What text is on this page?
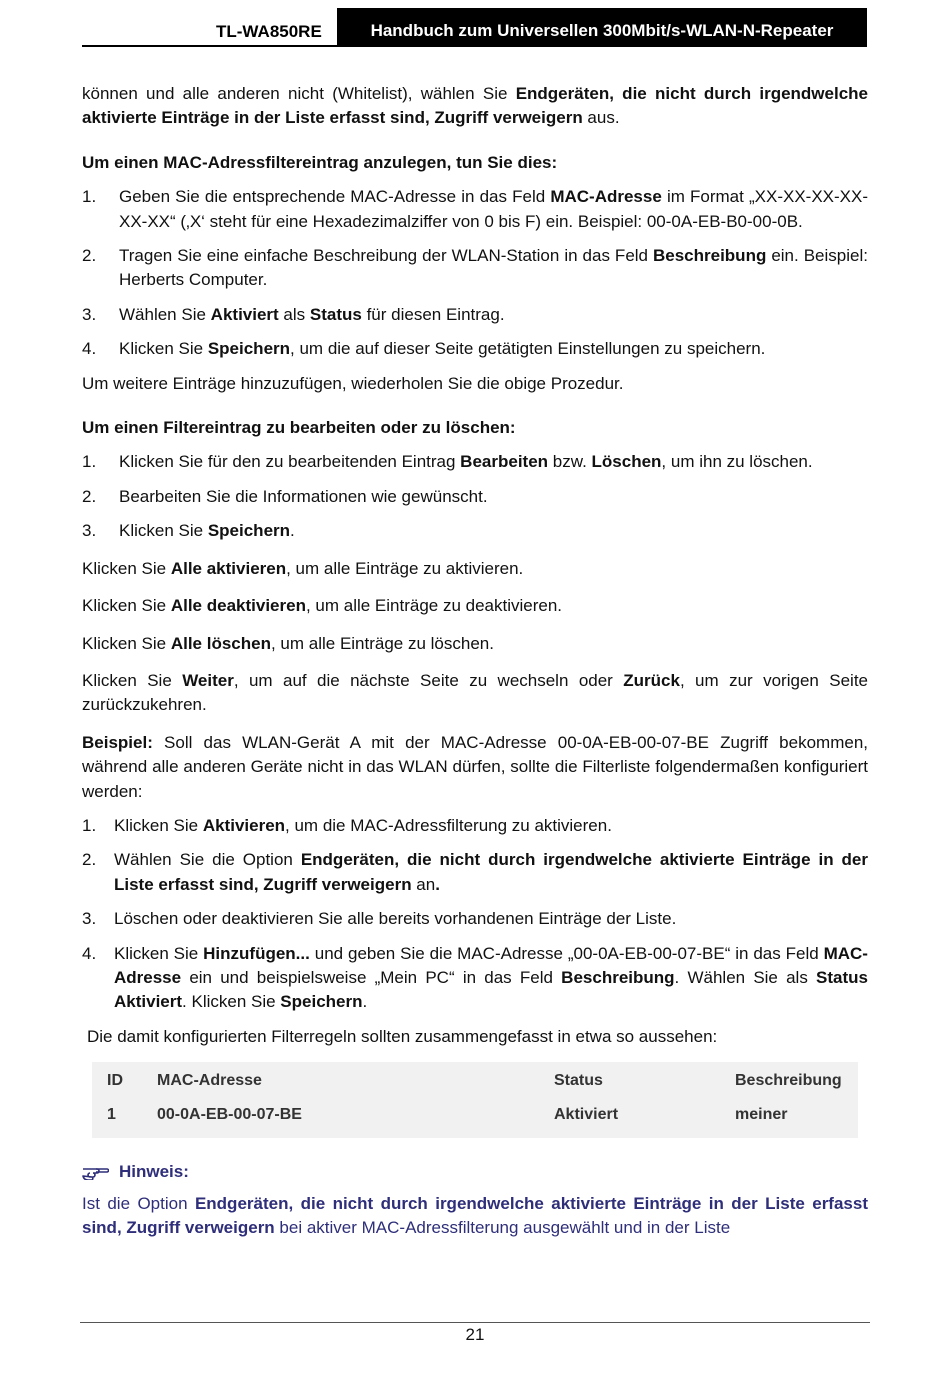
TL-WA850RE	Handbuch zum Universellen 300Mbit/s-WLAN-N-Repeater

können und alle anderen nicht (Whitelist), wählen Sie Endgeräten, die nicht durch irgendwelche aktivierte Einträge in der Liste erfasst sind, Zugriff verweigern aus.

Um einen MAC-Adressfiltereintrag anzulegen, tun Sie dies:

1. Geben Sie die entsprechende MAC-Adresse in das Feld MAC-Adresse im Format „XX-XX-XX-XX-XX-XX“ (‚X‘ steht für eine Hexadezimalziffer von 0 bis F) ein. Beispiel: 00-0A-EB-B0-00-0B.
2. Tragen Sie eine einfache Beschreibung der WLAN-Station in das Feld Beschreibung ein. Beispiel: Herberts Computer.
3. Wählen Sie Aktiviert als Status für diesen Eintrag.
4. Klicken Sie Speichern, um die auf dieser Seite getätigten Einstellungen zu speichern.

Um weitere Einträge hinzuzufügen, wiederholen Sie die obige Prozedur.

Um einen Filtereintrag zu bearbeiten oder zu löschen:

1. Klicken Sie für den zu bearbeitenden Eintrag Bearbeiten bzw. Löschen, um ihn zu löschen.
2. Bearbeiten Sie die Informationen wie gewünscht.
3. Klicken Sie Speichern.

Klicken Sie Alle aktivieren, um alle Einträge zu aktivieren.

Klicken Sie Alle deaktivieren, um alle Einträge zu deaktivieren.

Klicken Sie Alle löschen, um alle Einträge zu löschen.

Klicken Sie Weiter, um auf die nächste Seite zu wechseln oder Zurück, um zur vorigen Seite zurückzukehren.

Beispiel: Soll das WLAN-Gerät A mit der MAC-Adresse 00-0A-EB-00-07-BE Zugriff bekommen, während alle anderen Geräte nicht in das WLAN dürfen, sollte die Filterliste folgendermaßen konfiguriert werden:

1. Klicken Sie Aktivieren, um die MAC-Adressfilterung zu aktivieren.
2. Wählen Sie die Option Endgeräten, die nicht durch irgendwelche aktivierte Einträge in der Liste erfasst sind, Zugriff verweigern an.
3. Löschen oder deaktivieren Sie alle bereits vorhandenen Einträge der Liste.
4. Klicken Sie Hinzufügen... und geben Sie die MAC-Adresse „00-0A-EB-00-07-BE“ in das Feld MAC-Adresse ein und beispielsweise „Mein PC“ in das Feld Beschreibung. Wählen Sie als Status Aktiviert. Klicken Sie Speichern.

Die damit konfigurierten Filterregeln sollten zusammengefasst in etwa so aussehen:

ID MAC-Adresse	Status	Beschreibung
1	00-0A-EB-00-07-BE	Aktiviert	meiner
Hinweis:

Ist die Option Endgeräten, die nicht durch irgendwelche aktivierte Einträge in der Liste erfasst sind, Zugriff verweigern bei aktiver MAC-Adressfilterung ausgewählt und in der Liste

21
